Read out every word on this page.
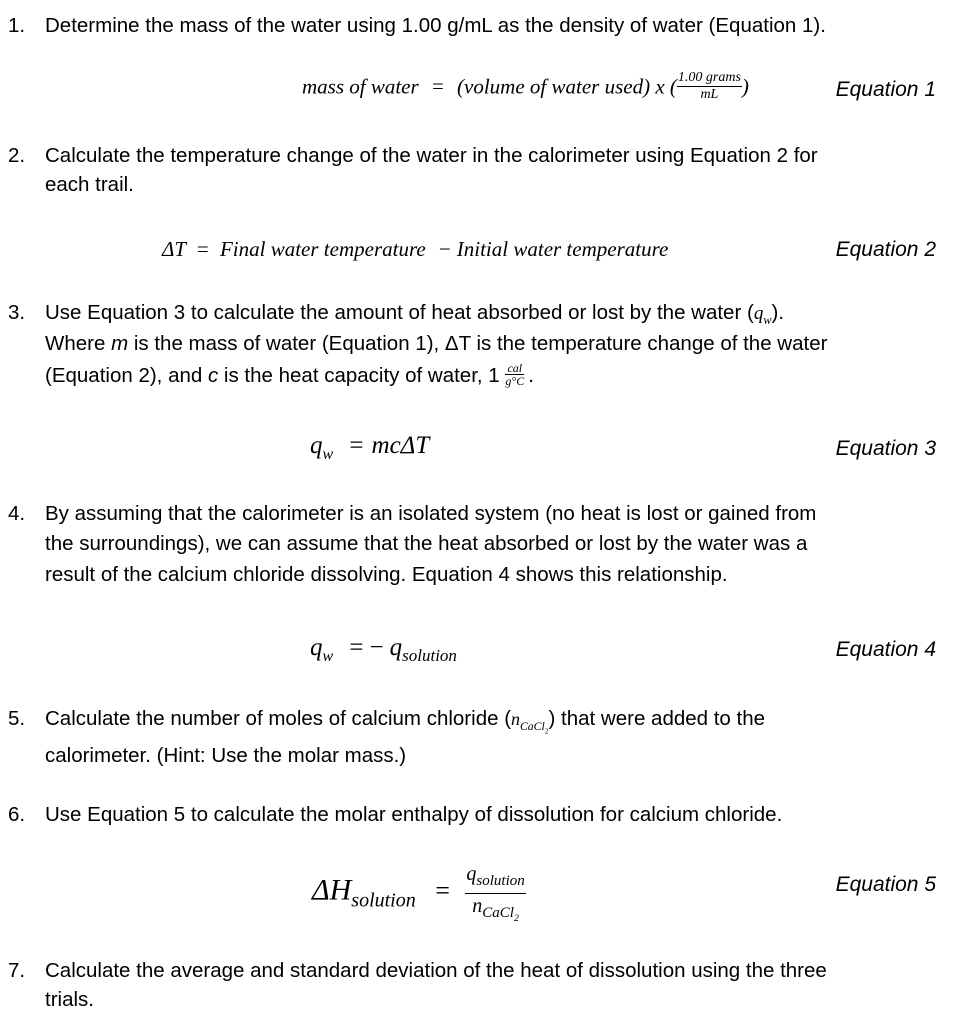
1. Determine the mass of the water using 1.00 g/mL as the density of water (Equation 1).
mass of water = (volume of water used) x ( $\frac{\text{1.00 grams}}{mL}$ )	Equation 1
2. Calculate the temperature change of the water in the calorimeter using Equation 2 for
each trail.
ΔT = Final water temperature − Initial water temperature	Equation 2
3. Use Equation 3 to calculate the amount of heat absorbed or lost by the water $(q_w)$.
Where m is the mass of water (Equation 1), ΔT is the temperature change of the water
(Equation 2), and c is the heat capacity of water, $1 \frac{\text{cal}}{g^\circ C}$ .
$q_w = mc\Delta T$	Equation 3
4. By assuming that the calorimeter is an isolated system (no heat is lost or gained from
the surroundings), we can assume that the heat absorbed or lost by the water was a
result of the calcium chloride dissolving. Equation 4 shows this relationship.
$q_w$ = − $q_{solution}$	Equation 4
5. Calculate the number of moles of calcium chloride $(n_{CaCl_2})$ that were added to the
calorimeter. (Hint: Use the molar mass.)
6. Use Equation 5 to calculate the molar enthalpy of dissolution for calcium chloride.
$\Delta H_{solution} = \frac{q_{solution}}{n_{CaCl_2}}$	Equation 5
7. Calculate the average and standard deviation of the heat of dissolution using the three
trials.
